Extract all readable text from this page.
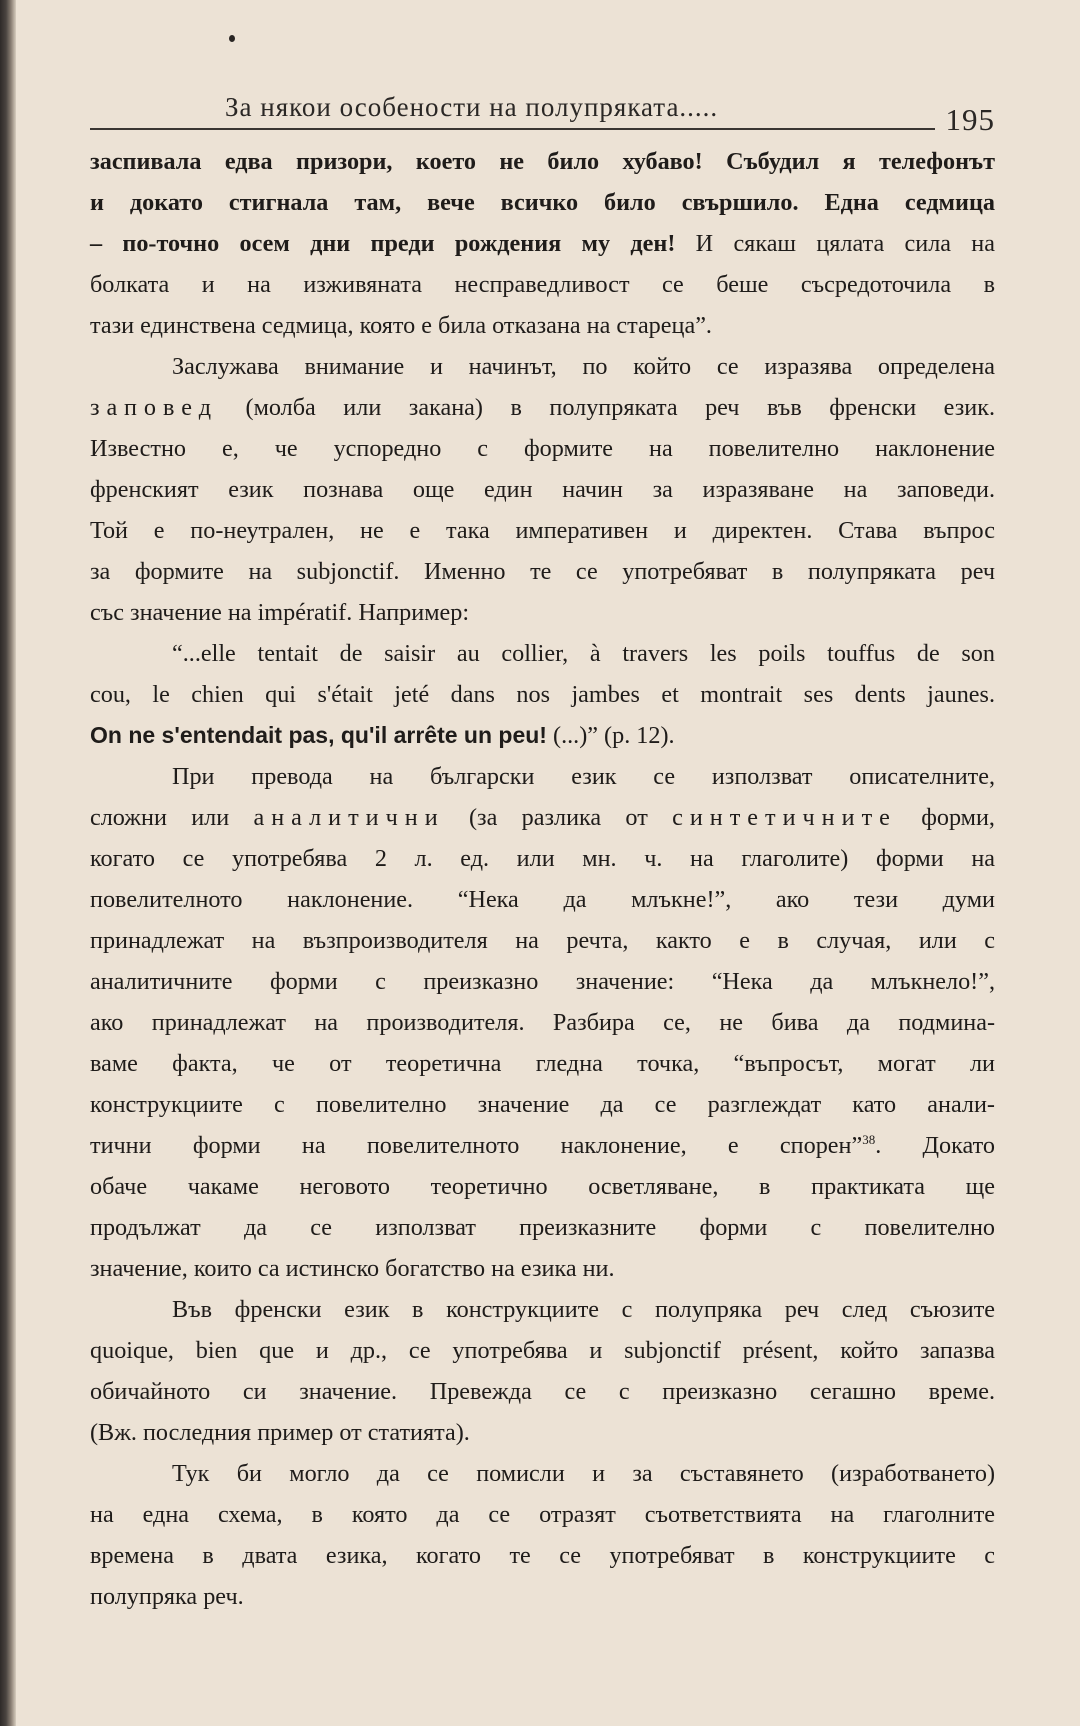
За някои особености на полупряката.....	195
заспивала едва призори, което не било хубаво! Събудил я телефонът
и докато стигнала там, вече всичко било свършило. Една седмица
– по-точно осем дни преди рождения му ден! И сякаш цялата сила на
болката и на изживяната несправедливост се беше съсредоточила в
тази единствена седмица, която е била отказана на стареца”.
Заслужава внимание и начинът, по който се изразява определена
заповед (молба или закана) в полупряката реч във френски език.
Известно е, че успоредно с формите на повелително наклонение
френският език познава още един начин за изразяване на заповеди.
Той е по-неутрален, не е така императивен и директен. Става въпрос
за формите на subjonctif. Именно те се употребяват в полупряката реч
със значение на impératif. Например:
“...elle tentait de saisir au collier, à travers les poils touffus de son
cou, le chien qui s'était jeté dans nos jambes et montrait ses dents jaunes.
On ne s'entendait pas, qu'il arrête un peu! (...)” (p. 12).
При превода на български език се използват описателните,
сложни или аналитични (за разлика от синтетичните форми,
когато се употребява 2 л. ед. или мн. ч. на глаголите) форми на
повелителното наклонение. “Нека да млъкне!”, ако тези думи
принадлежат на възпроизводителя на речта, както е в случая, или с
аналитичните форми с преизказно значение: “Нека да млъкнело!”,
ако принадлежат на производителя. Разбира се, не бива да подмина-
ваме факта, че от теоретична гледна точка, “въпросът, могат ли
конструкциите с повелително значение да се разглеждат като анали-
тични форми на повелителното наклонение, е спорен”$^{38}$. Докато
обаче чакаме неговото теоретично осветляване, в практиката ще
продължат да се използват преизказните форми с повелително
значение, които са истинско богатство на езика ни.
Във френски език в конструкциите с полупряка реч след съюзите
quoique, bien que и др., се употребява и subjonctif présent, който запазва
обичайното си значение. Превежда се с преизказно сегашно време.
(Вж. последния пример от статията).
Тук би могло да се помисли и за съставянето (изработването)
на една схема, в която да се отразят съответствията на глаголните
времена в двата езика, когато те се употребяват в конструкциите с
полупряка реч.
